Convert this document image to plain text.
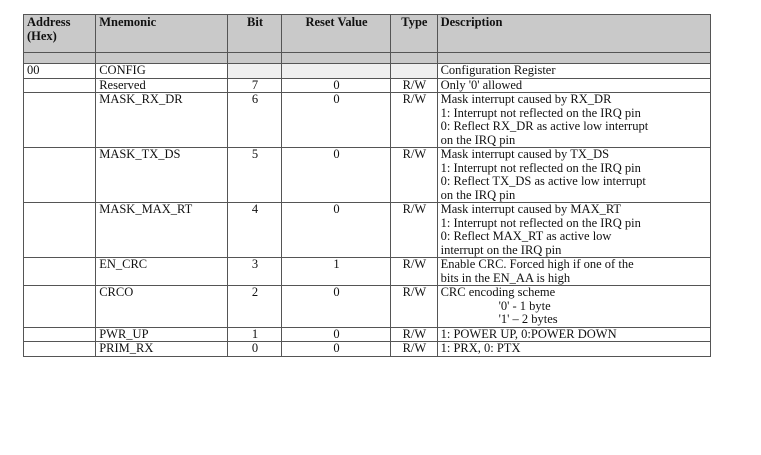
Address (Hex)	Mnemonic	Bit	Reset Value	Type	Description

00	CONFIG				Configuration Register
	Reserved	7	0	R/W	Only '0' allowed

	MASK_RX_DR	6	0	R/W	Mask interrupt caused by RX_DR
1: Interrupt not reflected on the IRQ pin
0: Reflect RX_DR as active low interrupt
on the IRQ pin

	MASK_TX_DS	5	0	R/W	Mask interrupt caused by TX_DS
1: Interrupt not reflected on the IRQ pin
0: Reflect TX_DS as active low interrupt
on the IRQ pin

	MASK_MAX_RT	4	0	R/W	Mask interrupt caused by MAX_RT
1: Interrupt not reflected on the IRQ pin
0: Reflect MAX_RT as active low
interrupt on the IRQ pin

	EN_CRC	3	1	R/W	Enable CRC. Forced high if one of the
bits in the EN_AA is high

	CRCO	2	0	R/W	CRC encoding scheme
'0' - 1 byte
'1' – 2 bytes

	PWR_UP	1	0	R/W	1: POWER UP, 0:POWER DOWN

	PRIM_RX	0	0	R/W	1: PRX, 0: PTX
